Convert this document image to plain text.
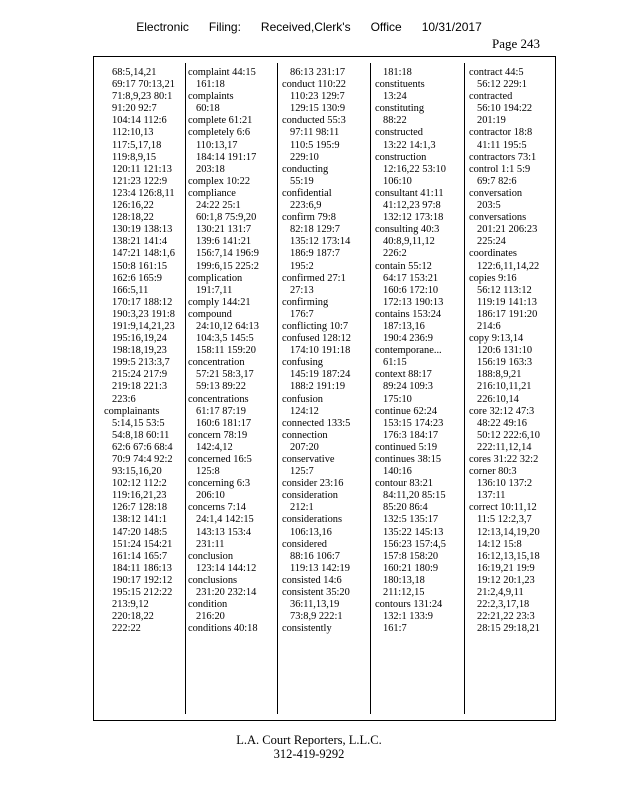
Electronic Filing: Received,Clerk's Office 10/31/2017
Page 243
68:5,14,21
69:17 70:13,21
71:8,9,23 80:1
91:20 92:7
104:14 112:6
112:10,13
117:5,17,18
119:8,9,15
120:11 121:13
121:23 122:9
123:4 126:8,11
126:16,22
128:18,22
130:19 138:13
138:21 141:4
147:21 148:1,6
150:8 161:15
162:6 165:9
166:5,11
170:17 188:12
190:3,23 191:8
191:9,14,21,23
195:16,19,24
198:18,19,23
199:5 213:3,7
215:24 217:9
219:18 221:3
223:6
complainants
5:14,15 53:5
54:8,18 60:11
62:6 67:6 68:4
70:9 74:4 92:2
93:15,16,20
102:12 112:2
119:16,21,23
126:7 128:18
138:12 141:1
147:20 148:5
151:24 154:21
161:14 165:7
184:11 186:13
190:17 192:12
195:15 212:22
213:9,12
220:18,22
222:22
complaint 44:15
161:18
complaints
60:18
complete 61:21
completely 6:6
110:13,17
184:14 191:17
203:18
complex 10:22
compliance
24:22 25:1
60:1,8 75:9,20
130:21 131:7
139:6 141:21
156:7,14 196:9
199:6,15 225:2
complication
191:7,11
comply 144:21
compound
24:10,12 64:13
104:3,5 145:5
158:11 159:20
concentration
57:21 58:3,17
59:13 89:22
concentrations
61:17 87:19
160:6 181:17
concern 78:19
142:4,12
concerned 16:5
125:8
concerning 6:3
206:10
concerns 7:14
24:1,4 142:15
143:13 153:4
231:11
conclusion
123:14 144:12
conclusions
231:20 232:14
condition
216:20
conditions 40:18
86:13 231:17
conduct 110:22
110:23 129:7
129:15 130:9
conducted 55:3
97:11 98:11
110:5 195:9
229:10
conducting
55:19
confidential
223:6,9
confirm 79:8
82:18 129:7
135:12 173:14
186:9 187:7
195:2
confirmed 27:1
27:13
confirming
176:7
conflicting 10:7
confused 128:12
174:10 191:18
confusing
145:19 187:24
188:2 191:19
confusion
124:12
connected 133:5
connection
207:20
conservative
125:7
consider 23:16
consideration
212:1
considerations
106:13,16
considered
88:16 106:7
119:13 142:19
consisted 14:6
consistent 35:20
36:11,13,19
73:8,9 222:1
consistently
181:18
constituents
13:24
constituting
88:22
constructed
13:22 14:1,3
construction
12:16,22 53:10
106:10
consultant 41:11
41:12,23 97:8
132:12 173:18
consulting 40:3
40:8,9,11,12
226:2
contain 55:12
64:17 153:21
160:6 172:10
172:13 190:13
contains 153:24
187:13,16
190:4 236:9
contemporane...
61:15
context 88:17
89:24 109:3
175:10
continue 62:24
153:15 174:23
176:3 184:17
continued 5:19
continues 38:15
140:16
contour 83:21
84:11,20 85:15
85:20 86:4
132:5 135:17
135:22 145:13
156:23 157:4,5
157:8 158:20
160:21 180:9
180:13,18
211:12,15
contours 131:24
132:1 133:9
161:7
contract 44:5
56:12 229:1
contracted
56:10 194:22
201:19
contractor 18:8
41:11 195:5
contractors 73:1
control 1:1 5:9
69:7 82:6
conversation
203:5
conversations
201:21 206:23
225:24
coordinates
122:6,11,14,22
copies 9:16
56:12 113:12
119:19 141:13
186:17 191:20
214:6
copy 9:13,14
120:6 131:10
156:19 163:3
188:8,9,21
216:10,11,21
226:10,14
core 32:12 47:3
48:22 49:16
50:12 222:6,10
222:11,12,14
cores 31:22 32:2
corner 80:3
136:10 137:2
137:11
correct 10:11,12
11:5 12:2,3,7
12:13,14,19,20
14:12 15:8
16:12,13,15,18
16:19,21 19:9
19:12 20:1,23
21:2,4,9,11
22:2,3,17,18
22:21,22 23:3
28:15 29:18,21
L.A. Court Reporters, L.L.C.
312-419-9292
